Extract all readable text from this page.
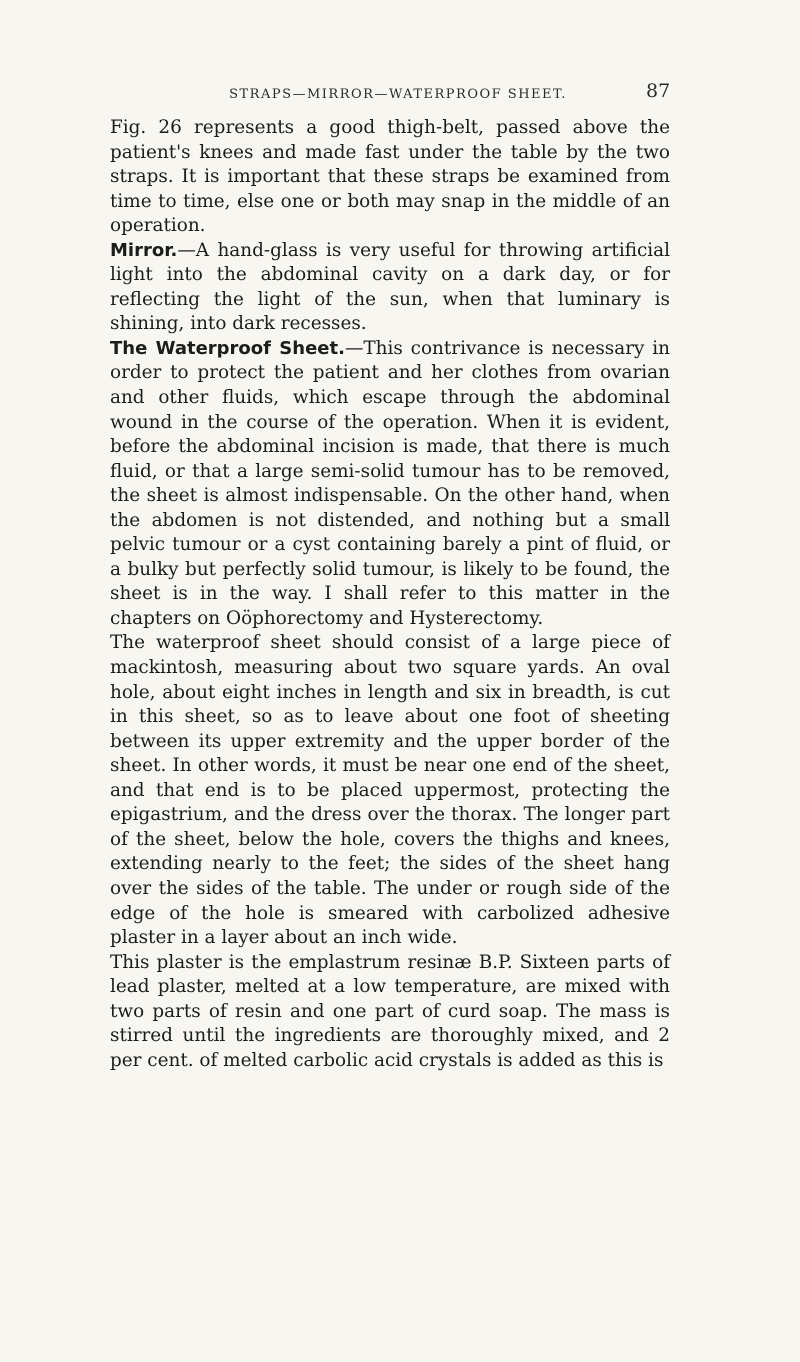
STRAPS—MIRROR—WATERPROOF SHEET.	87

Fig. 26 represents a good thigh-belt, passed above the patient's knees and made fast under the table by the two straps. It is important that these straps be examined from time to time, else one or both may snap in the middle of an operation.

Mirror.—A hand-glass is very useful for throwing artificial light into the abdominal cavity on a dark day, or for reflecting the light of the sun, when that luminary is shining, into dark recesses.

The Waterproof Sheet.—This contrivance is necessary in order to protect the patient and her clothes from ovarian and other fluids, which escape through the abdominal wound in the course of the operation. When it is evident, before the abdominal incision is made, that there is much fluid, or that a large semi-solid tumour has to be removed, the sheet is almost indispensable. On the other hand, when the abdomen is not distended, and nothing but a small pelvic tumour or a cyst containing barely a pint of fluid, or a bulky but perfectly solid tumour, is likely to be found, the sheet is in the way. I shall refer to this matter in the chapters on Oöphorectomy and Hysterectomy.

The waterproof sheet should consist of a large piece of mackintosh, measuring about two square yards. An oval hole, about eight inches in length and six in breadth, is cut in this sheet, so as to leave about one foot of sheeting between its upper extremity and the upper border of the sheet. In other words, it must be near one end of the sheet, and that end is to be placed uppermost, protecting the epigastrium, and the dress over the thorax. The longer part of the sheet, below the hole, covers the thighs and knees, extending nearly to the feet; the sides of the sheet hang over the sides of the table. The under or rough side of the edge of the hole is smeared with carbolized adhesive plaster in a layer about an inch wide.

This plaster is the emplastrum resinæ B.P. Sixteen parts of lead plaster, melted at a low temperature, are mixed with two parts of resin and one part of curd soap. The mass is stirred until the ingredients are thoroughly mixed, and 2 per cent. of melted carbolic acid crystals is added as this is
